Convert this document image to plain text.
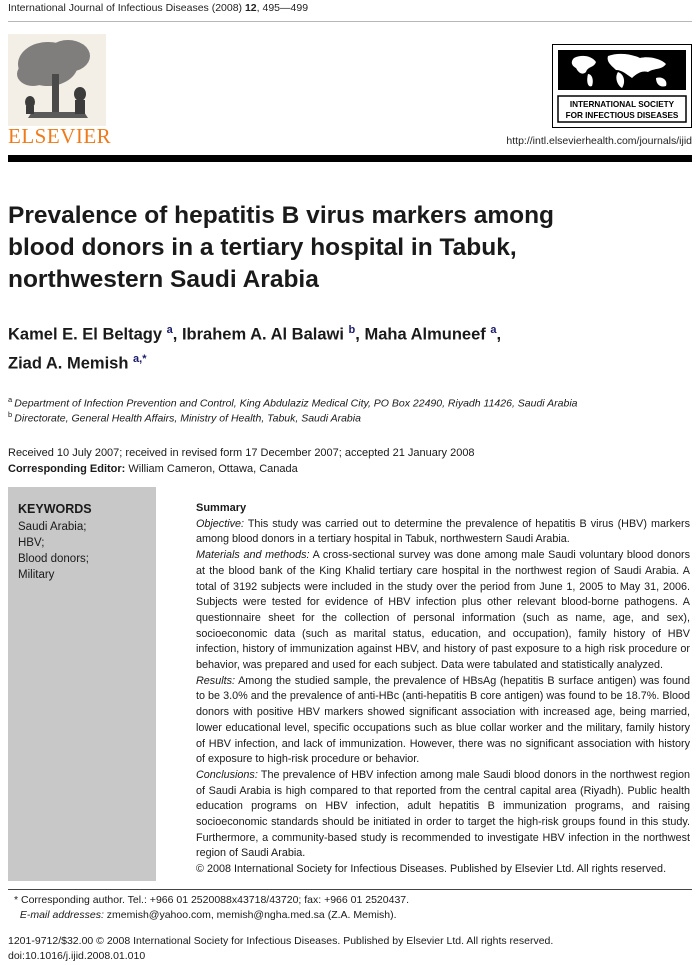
International Journal of Infectious Diseases (2008) 12, 495—499
ELSEVIER
INTERNATIONAL SOCIETY
FOR INFECTIOUS DISEASES
http://intl.elsevierhealth.com/journals/ijid
Prevalence of hepatitis B virus markers among
blood donors in a tertiary hospital in Tabuk,
northwestern Saudi Arabia
Kamel E. El Beltagy $^a$, Ibrahem A. Al Balawi $^b$, Maha Almuneef $^a$,
Ziad A. Memish $^{a,*}$
$^a$  Department of Infection Prevention and Control, King Abdulaziz Medical City, PO Box 22490, Riyadh 11426, Saudi Arabia
$^b$  Directorate, General Health Affairs, Ministry of Health, Tabuk, Saudi Arabia
Received 10 July 2007; received in revised form 17 December 2007; accepted 21 January 2008
Corresponding Editor: William Cameron, Ottawa, Canada
KEYWORDS
Saudi Arabia;
HBV;
Blood donors;
Military
Summary
Objective: This study was carried out to determine the prevalence of hepatitis B virus (HBV) markers among blood donors in a tertiary hospital in Tabuk, northwestern Saudi Arabia.
Materials and methods: A cross-sectional survey was done among male Saudi voluntary blood donors at the blood bank of the King Khalid tertiary care hospital in the northwest region of Saudi Arabia. A total of 3192 subjects were included in the study over the period from June 1, 2005 to May 31, 2006. Subjects were tested for evidence of HBV infection plus other relevant blood-borne pathogens. A questionnaire sheet for the collection of personal information (such as name, age, and sex), socioeconomic data (such as marital status, education, and occupation), family history of HBV infection, history of immunization against HBV, and history of past exposure to a high risk procedure or behavior, was prepared and used for each subject. Data were tabulated and statistically analyzed.
Results: Among the studied sample, the prevalence of HBsAg (hepatitis B surface antigen) was found to be 3.0% and the prevalence of anti-HBc (anti-hepatitis B core antigen) was found to be 18.7%. Blood donors with positive HBV markers showed significant association with increased age, being married, lower educational level, specific occupations such as blue collar worker and the military, family history of HBV infection, and lack of immunization. However, there was no significant association with history of exposure to high-risk procedure or behavior.
Conclusions: The prevalence of HBV infection among male Saudi blood donors in the northwest region of Saudi Arabia is high compared to that reported from the central capital area (Riyadh). Public health education programs on HBV infection, adult hepatitis B immunization programs, and raising socioeconomic standards should be initiated in order to target the high-risk groups found in this study. Furthermore, a community-based study is recommended to investigate HBV infection in the northwest region of Saudi Arabia.
© 2008 International Society for Infectious Diseases. Published by Elsevier Ltd. All rights reserved.
* Corresponding author. Tel.: +966 01 2520088x43718/43720; fax: +966 01 2520437.
E-mail addresses: zmemish@yahoo.com, memish@ngha.med.sa (Z.A. Memish).
1201-9712/$32.00 © 2008 International Society for Infectious Diseases. Published by Elsevier Ltd. All rights reserved.
doi:10.1016/j.ijid.2008.01.010
